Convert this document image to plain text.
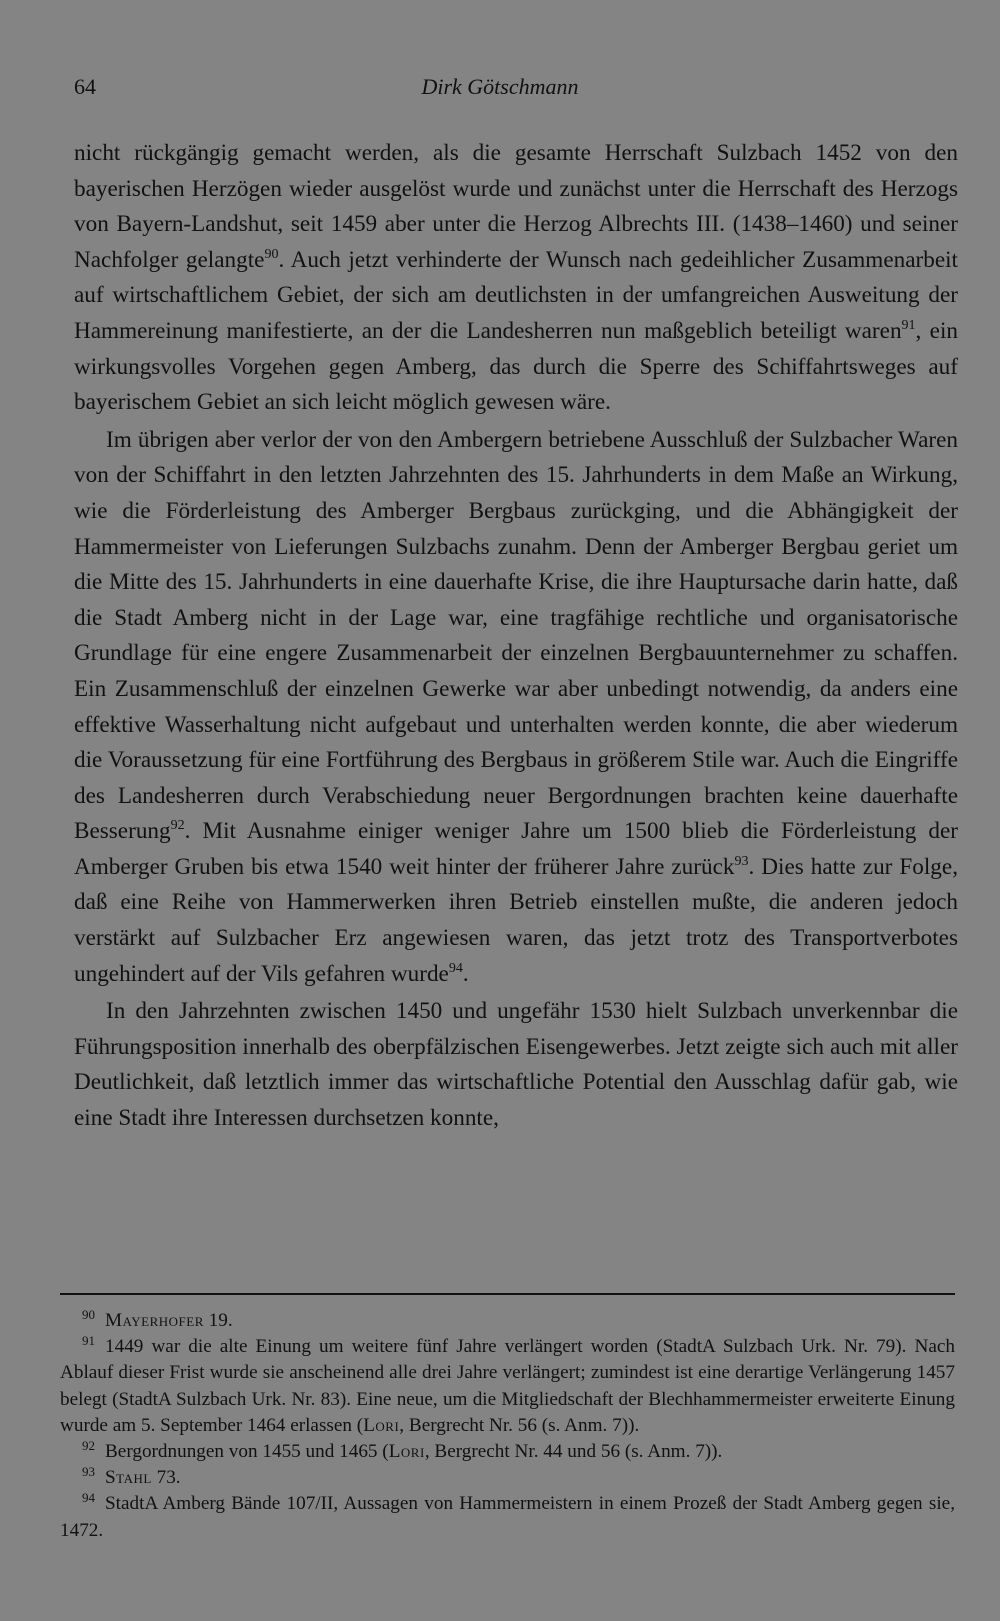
64	Dirk Götschmann

nicht rückgängig gemacht werden, als die gesamte Herrschaft Sulzbach 1452 von den bayerischen Herzögen wieder ausgelöst wurde und zunächst unter die Herrschaft des Herzogs von Bayern-Landshut, seit 1459 aber unter die Herzog Albrechts III. (1438–1460) und seiner Nachfolger gelangte$^{90}$. Auch jetzt verhinderte der Wunsch nach gedeihlicher Zusammenarbeit auf wirtschaftlichem Gebiet, der sich am deutlichsten in der umfangreichen Ausweitung der Hammereinung manifestierte, an der die Landesherren nun maßgeblich beteiligt waren$^{91}$, ein wirkungsvolles Vorgehen gegen Amberg, das durch die Sperre des Schiffahrtsweges auf bayerischem Gebiet an sich leicht möglich gewesen wäre.

Im übrigen aber verlor der von den Ambergern betriebene Ausschluß der Sulzbacher Waren von der Schiffahrt in den letzten Jahrzehnten des 15. Jahrhunderts in dem Maße an Wirkung, wie die Förderleistung des Amberger Bergbaus zurückging, und die Abhängigkeit der Hammermeister von Lieferungen Sulzbachs zunahm. Denn der Amberger Bergbau geriet um die Mitte des 15. Jahrhunderts in eine dauerhafte Krise, die ihre Hauptursache darin hatte, daß die Stadt Amberg nicht in der Lage war, eine tragfähige rechtliche und organisatorische Grundlage für eine engere Zusammenarbeit der einzelnen Bergbauunternehmer zu schaffen. Ein Zusammenschluß der einzelnen Gewerke war aber unbedingt notwendig, da anders eine effektive Wasserhaltung nicht aufgebaut und unterhalten werden konnte, die aber wiederum die Voraussetzung für eine Fortführung des Bergbaus in größerem Stile war. Auch die Eingriffe des Landesherren durch Verabschiedung neuer Bergordnungen brachten keine dauerhafte Besserung$^{92}$. Mit Ausnahme einiger weniger Jahre um 1500 blieb die Förderleistung der Amberger Gruben bis etwa 1540 weit hinter der früherer Jahre zurück$^{93}$. Dies hatte zur Folge, daß eine Reihe von Hammerwerken ihren Betrieb einstellen mußte, die anderen jedoch verstärkt auf Sulzbacher Erz angewiesen waren, das jetzt trotz des Transportverbotes ungehindert auf der Vils gefahren wurde$^{94}$.

In den Jahrzehnten zwischen 1450 und ungefähr 1530 hielt Sulzbach unverkennbar die Führungsposition innerhalb des oberpfälzischen Eisengewerbes. Jetzt zeigte sich auch mit aller Deutlichkeit, daß letztlich immer das wirtschaftliche Potential den Ausschlag dafür gab, wie eine Stadt ihre Interessen durchsetzen konnte,

90 Mayerhofer 19.

91 1449 war die alte Einung um weitere fünf Jahre verlängert worden (StadtA Sulzbach Urk. Nr. 79). Nach Ablauf dieser Frist wurde sie anscheinend alle drei Jahre verlängert; zumindest ist eine derartige Verlängerung 1457 belegt (StadtA Sulzbach Urk. Nr. 83). Eine neue, um die Mitgliedschaft der Blechhammermeister erweiterte Einung wurde am 5. September 1464 erlassen (Lori, Bergrecht Nr. 56 (s. Anm. 7)).

92 Bergordnungen von 1455 und 1465 (Lori, Bergrecht Nr. 44 und 56 (s. Anm. 7)).

93 Stahl 73.

94 StadtA Amberg Bände 107/II, Aussagen von Hammermeistern in einem Prozeß der Stadt Amberg gegen sie, 1472.
